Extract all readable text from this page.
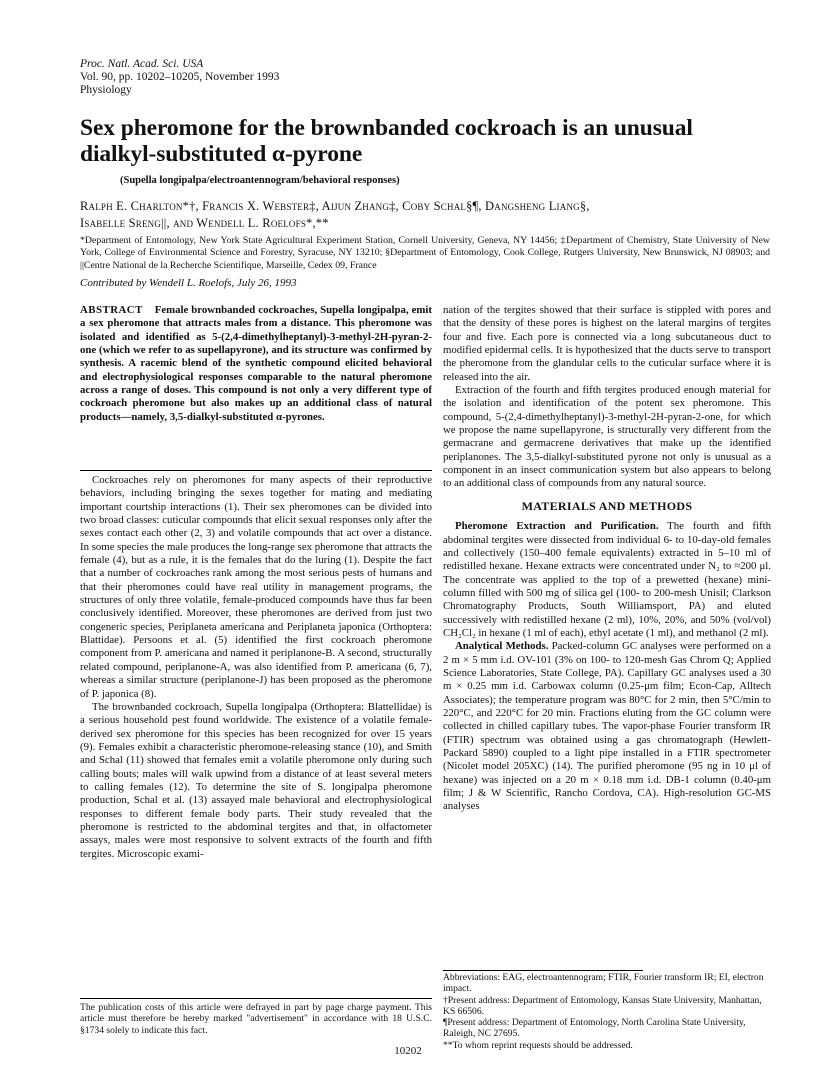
Proc. Natl. Acad. Sci. USA
Vol. 90, pp. 10202–10205, November 1993
Physiology
Sex pheromone for the brownbanded cockroach is an unusual dialkyl-substituted α-pyrone
(Supella longipalpa/electroantennogram/behavioral responses)
Ralph E. Charlton*†, Francis X. Webster‡, Aijun Zhang‡, Coby Schal§¶, Dangsheng Liang§,
Isabelle Sreng||, and Wendell L. Roelofs*,**
*Department of Entomology, New York State Agricultural Experiment Station, Cornell University, Geneva, NY 14456; ‡Department of Chemistry, State University of New York, College of Environmental Science and Forestry, Syracuse, NY 13210; §Department of Entomology, Cook College, Rutgers University, New Brunswick, NJ 08903; and ||Centre National de la Recherche Scientifique, Marseille, Cedex 09, France
Contributed by Wendell L. Roelofs, July 26, 1993
ABSTRACT Female brownbanded cockroaches, Supella longipalpa, emit a sex pheromone that attracts males from a distance. This pheromone was isolated and identified as 5-(2,4-dimethylheptanyl)-3-methyl-2H-pyran-2-one (which we refer to as supellapyrone), and its structure was confirmed by synthesis. A racemic blend of the synthetic compound elicited behavioral and electrophysiological responses comparable to the natural pheromone across a range of doses. This compound is not only a very different type of cockroach pheromone but also makes up an additional class of natural products—namely, 3,5-dialkyl-substituted α-pyrones.

Cockroaches rely on pheromones for many aspects of their reproductive behaviors, including bringing the sexes together for mating and mediating important courtship interactions (1). Their sex pheromones can be divided into two broad classes: cuticular compounds that elicit sexual responses only after the sexes contact each other (2, 3) and volatile compounds that act over a distance. In some species the male produces the long-range sex pheromone that attracts the female (4), but as a rule, it is the females that do the luring (1). Despite the fact that a number of cockroaches rank among the most serious pests of humans and that their pheromones could have real utility in management programs, the structures of only three volatile, female-produced compounds have thus far been conclusively identified. Moreover, these pheromones are derived from just two congeneric species, Periplaneta americana and Periplaneta japonica (Orthoptera: Blattidae). Persoons et al. (5) identified the first cockroach pheromone component from P. americana and named it periplanone-B. A second, structurally related compound, periplanone-A, was also identified from P. americana (6, 7), whereas a similar structure (periplanone-J) has been proposed as the pheromone of P. japonica (8).

The brownbanded cockroach, Supella longipalpa (Orthoptera: Blattellidae) is a serious household pest found worldwide. The existence of a volatile female-derived sex pheromone for this species has been recognized for over 15 years (9). Females exhibit a characteristic pheromone-releasing stance (10), and Smith and Schal (11) showed that females emit a volatile pheromone only during such calling bouts; males will walk upwind from a distance of at least several meters to calling females (12). To determine the site of S. longipalpa pheromone production, Schal et al. (13) assayed male behavioral and electrophysiological responses to different female body parts. Their study revealed that the pheromone is restricted to the abdominal tergites and that, in olfactometer assays, males were most responsive to solvent extracts of the fourth and fifth tergites. Microscopic exami-

nation of the tergites showed that their surface is stippled with pores and that the density of these pores is highest on the lateral margins of tergites four and five. Each pore is connected via a long subcutaneous duct to modified epidermal cells. It is hypothesized that the ducts serve to transport the pheromone from the glandular cells to the cuticular surface where it is released into the air.

Extraction of the fourth and fifth tergites produced enough material for the isolation and identification of the potent sex pheromone. This compound, 5-(2,4-dimethylheptanyl)-3-methyl-2H-pyran-2-one, for which we propose the name supellapyrone, is structurally very different from the germacrane and germacrene derivatives that make up the identified periplanones. The 3,5-dialkyl-substituted pyrone not only is unusual as a component in an insect communication system but also appears to belong to an additional class of compounds from any natural source.

MATERIALS AND METHODS

Pheromone Extraction and Purification. The fourth and fifth abdominal tergites were dissected from individual 6- to 10-day-old females and collectively (150–400 female equivalents) extracted in 5–10 ml of redistilled hexane. Hexane extracts were concentrated under N₂ to ≈200 μl. The concentrate was applied to the top of a prewetted (hexane) mini-column filled with 500 mg of silica gel (100- to 200-mesh Unisil; Clarkson Chromatography Products, South Williamsport, PA) and eluted successively with redistilled hexane (2 ml), 10%, 20%, and 50% (vol/vol) CH₂Cl₂ in hexane (1 ml of each), ethyl acetate (1 ml), and methanol (2 ml).

Analytical Methods. Packed-column GC analyses were performed on a 2 m × 5 mm i.d. OV-101 (3% on 100- to 120-mesh Gas Chrom Q; Applied Science Laboratories, State College, PA). Capillary GC analyses used a 30 m × 0.25 mm i.d. Carbowax column (0.25-μm film; Econ-Cap, Alltech Associates); the temperature program was 80°C for 2 min, then 5°C/min to 220°C, and 220°C for 20 min. Fractions eluting from the GC column were collected in chilled capillary tubes. The vapor-phase Fourier transform IR (FTIR) spectrum was obtained using a gas chromatograph (Hewlett-Packard 5890) coupled to a light pipe installed in a FTIR spectrometer (Nicolet model 205XC) (14). The purified pheromone (95 ng in 10 μl of hexane) was injected on a 20 m × 0.18 mm i.d. DB-1 column (0.40-μm film; J & W Scientific, Rancho Cordova, CA). High-resolution GC-MS analyses

The publication costs of this article were defrayed in part by page charge payment. This article must therefore be hereby marked "advertisement" in accordance with 18 U.S.C. §1734 solely to indicate this fact.
Abbreviations: EAG, electroantennogram; FTIR, Fourier transform IR; EI, electron impact.
†Present address: Department of Entomology, Kansas State University, Manhattan, KS 66506.
¶Present address: Department of Entomology, North Carolina State University, Raleigh, NC 27695.
**To whom reprint requests should be addressed.
10202
